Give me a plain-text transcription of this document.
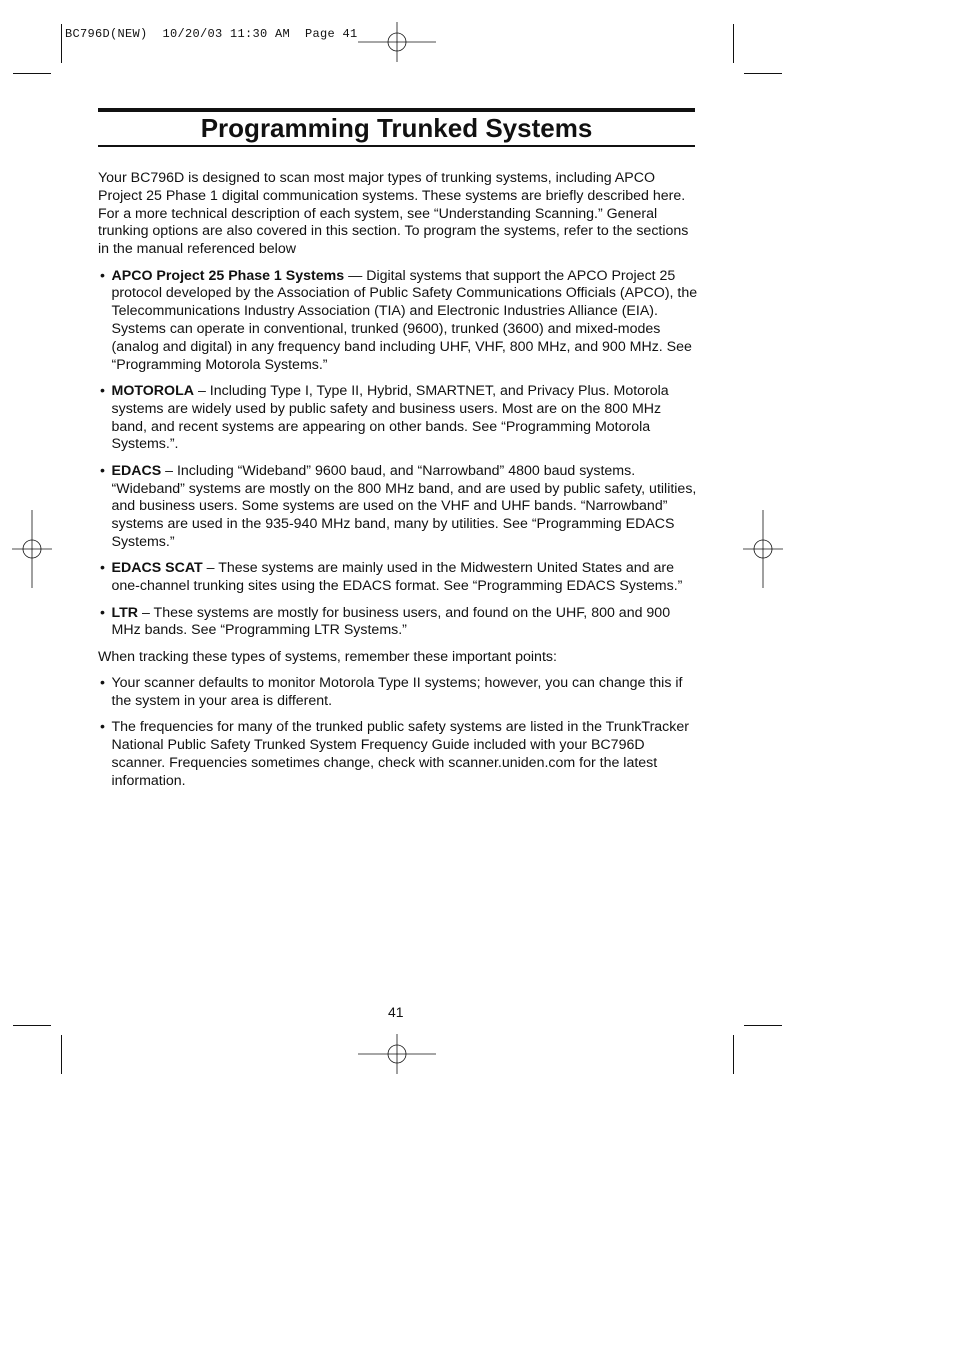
BC796D(NEW)  10/20/03 11:30 AM  Page 41
Programming Trunked Systems

Your BC796D is designed to scan most major types of trunking systems, including APCO Project 25 Phase 1 digital communication systems. These systems are briefly described here. For a more technical description of each system, see “Understanding Scanning.” General trunking options are also covered in this section. To program the systems, refer to the sections in the manual referenced below

• APCO Project 25 Phase 1 Systems — Digital systems that support the APCO Project 25 protocol developed by the Association of Public Safety Communications Officials (APCO), the Telecommunications Industry Association (TIA) and Electronic Industries Alliance (EIA). Systems can operate in conventional, trunked (9600), trunked (3600) and mixed-modes (analog and digital) in any frequency band including UHF, VHF, 800 MHz, and 900 MHz. See “Programming Motorola Systems.”
• MOTOROLA – Including Type I, Type II, Hybrid, SMARTNET, and Privacy Plus. Motorola systems are widely used by public safety and business users. Most are on the 800 MHz band, and recent systems are appearing on other bands. See “Programming Motorola Systems.”.
• EDACS – Including “Wideband” 9600 baud, and “Narrowband” 4800 baud systems. “Wideband” systems are mostly on the 800 MHz band, and are used by public safety, utilities, and business users. Some systems are used on the VHF and UHF bands. “Narrowband” systems are used in the 935-940 MHz band, many by utilities. See “Programming EDACS Systems.”
• EDACS SCAT – These systems are mainly used in the Midwestern United States and are one-channel trunking sites using the EDACS format. See “Programming EDACS Systems.”
• LTR – These systems are mostly for business users, and found on the UHF, 800 and 900 MHz bands. See “Programming LTR Systems.”

When tracking these types of systems, remember these important points:

• Your scanner defaults to monitor Motorola Type II systems; however, you can change this if the system in your area is different.
• The frequencies for many of the trunked public safety systems are listed in the TrunkTracker National Public Safety Trunked System Frequency Guide included with your BC796D scanner. Frequencies sometimes change, check with scanner.uniden.com for the latest information.
41
